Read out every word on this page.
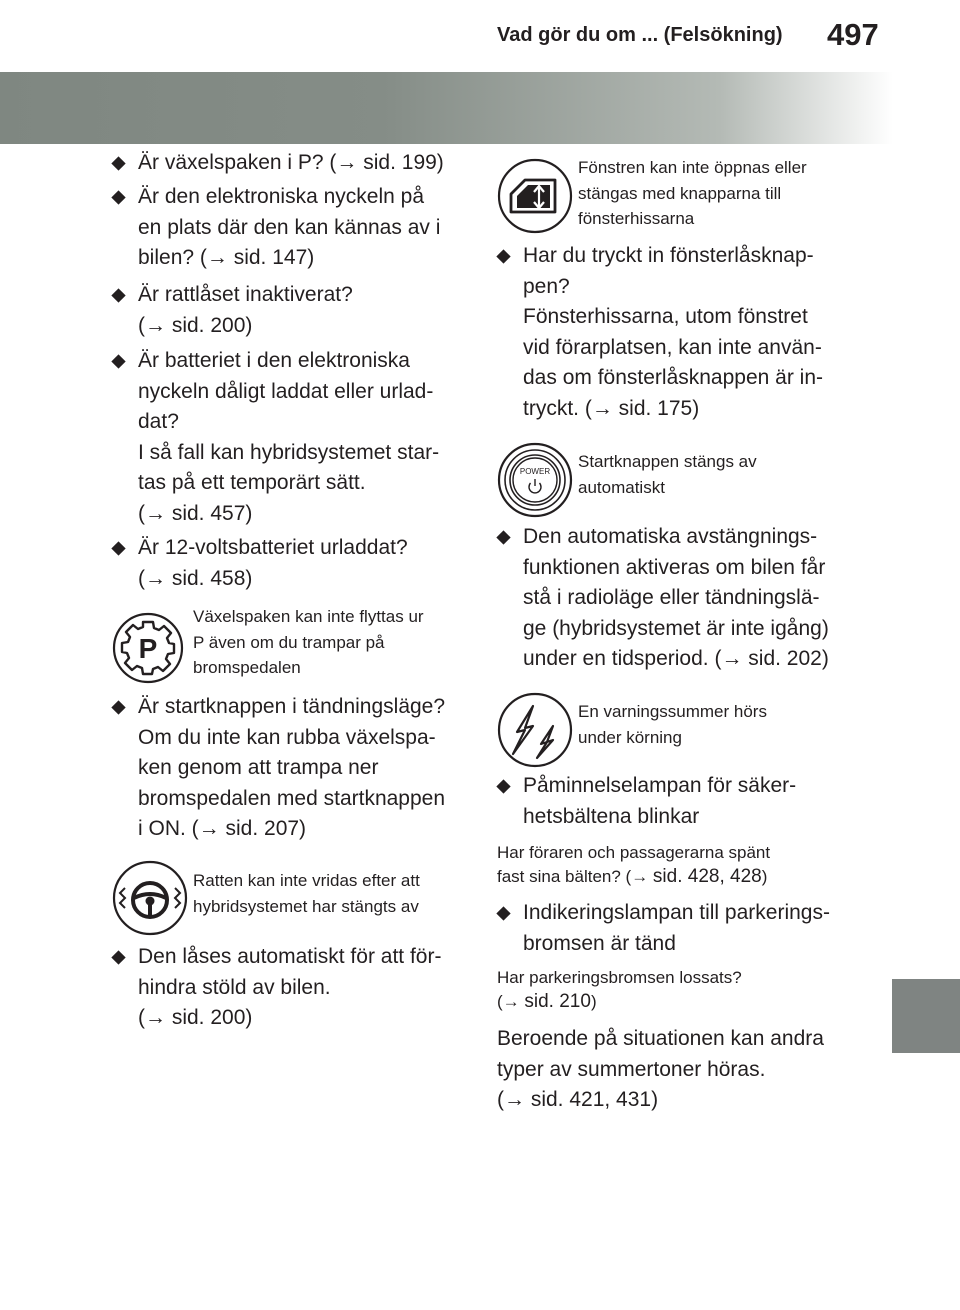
Vad gör du om ... (Felsökning) 497
Är växelspaken i P? (→ sid. 199)
Är den elektroniska nyckeln på
en plats där den kan kännas av i
bilen? (→ sid. 147)
Är rattlåset inaktiverat?
(→ sid. 200)
Är batteriet i den elektroniska
nyckeln dåligt laddat eller urlad-
dat?
I så fall kan hybridsystemet star-
tas på ett temporärt sätt.
(→ sid. 457)
Är 12-voltsbatteriet urladdat?
(→ sid. 458)
P
Växelspaken kan inte flyttas ur
P även om du trampar på
bromspedalen
Är startknappen i tändningsläge?
Om du inte kan rubba växelspa-
ken genom att trampa ner
bromspedalen med startknappen
i ON. (→ sid. 207)
Ratten kan inte vridas efter att
hybridsystemet har stängts av
Den låses automatiskt för att för-
hindra stöld av bilen.
(→ sid. 200)
Fönstren kan inte öppnas eller
stängas med knapparna till
fönsterhissarna
Har du tryckt in fönsterlåsknap-
pen?
Fönsterhissarna, utom fönstret
vid förarplatsen, kan inte använ-
das om fönsterlåsknappen är in-
tryckt. (→ sid. 175)
POWER
Startknappen stängs av
automatiskt
Den automatiska avstängnings-
funktionen aktiveras om bilen får
stå i radioläge eller tändningslä-
ge (hybridsystemet är inte igång)
under en tidsperiod. (→ sid. 202)
En varningssummer hörs
under körning
Påminnelselampan för säker-
hetsbältena blinkar
Har föraren och passagerarna spänt
fast sina bälten? (→ sid. 428, 428)
Indikeringslampan till parkerings-
bromsen är tänd
Har parkeringsbromsen lossats?
(→ sid. 210)
Beroende på situationen kan andra
typer av summertoner höras.
(→ sid. 421, 431)
